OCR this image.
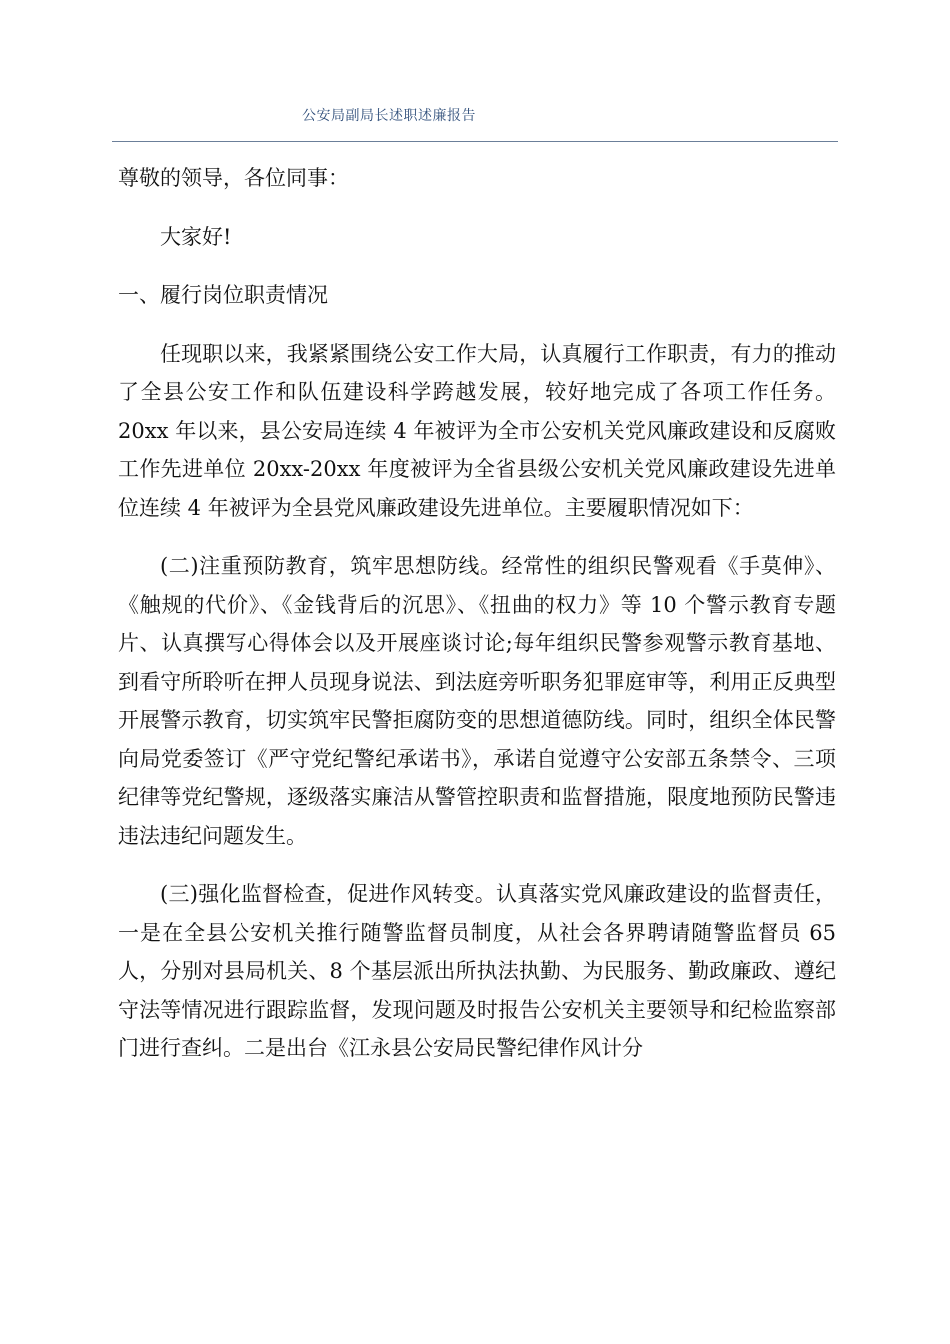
公安局副局长述职述廉报告

尊敬的领导，各位同事：

大家好!

一、履行岗位职责情况

任现职以来，我紧紧围绕公安工作大局，认真履行工作职责，有力的推动了全县公安工作和队伍建设科学跨越发展，较好地完成了各项工作任务。20xx 年以来，县公安局连续 4 年被评为全市公安机关党风廉政建设和反腐败工作先进单位 20xx-20xx 年度被评为全省县级公安机关党风廉政建设先进单位连续 4 年被评为全县党风廉政建设先进单位。主要履职情况如下：

(二)注重预防教育，筑牢思想防线。经常性的组织民警观看《手莫伸》、《触规的代价》、《金钱背后的沉思》、《扭曲的权力》等 10 个警示教育专题片、认真撰写心得体会以及开展座谈讨论;每年组织民警参观警示教育基地、到看守所聆听在押人员现身说法、到法庭旁听职务犯罪庭审等，利用正反典型开展警示教育，切实筑牢民警拒腐防变的思想道德防线。同时，组织全体民警向局党委签订《严守党纪警纪承诺书》，承诺自觉遵守公安部五条禁令、三项纪律等党纪警规，逐级落实廉洁从警管控职责和监督措施，限度地预防民警违违法违纪问题发生。

(三)强化监督检查，促进作风转变。认真落实党风廉政建设的监督责任，一是在全县公安机关推行随警监督员制度，从社会各界聘请随警监督员 65 人，分别对县局机关、8 个基层派出所执法执勤、为民服务、勤政廉政、遵纪守法等情况进行跟踪监督，发现问题及时报告公安机关主要领导和纪检监察部门进行查纠。二是出台《江永县公安局民警纪律作风计分
